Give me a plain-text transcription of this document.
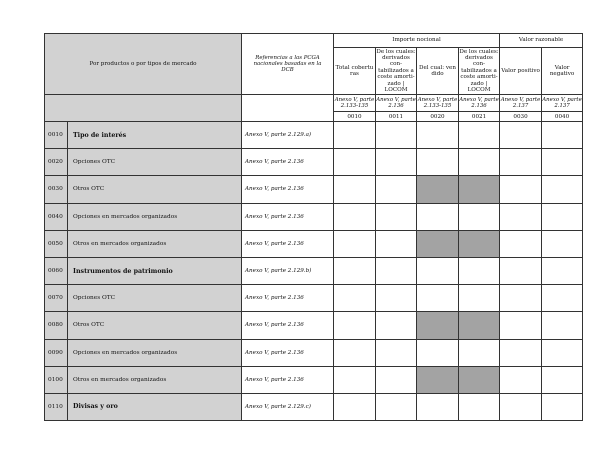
Por productos o por tipos de mercado		Referencias a las PCGA nacionales basadas en la DCB	Importe nocional				Valor razonable	
			Total cobertu ras	De los cuales: derivados con- tabilizados a coste amorti- zado | LOCOM	Del cual: ven dido	De los cuales: derivados con- tabilizados a coste amorti- zado | LOCOM	Valor positivo	Valor negativo
			Anexo V, parte 2.133-135	Anexo V, parte 2.136	Anexo V, parte 2.133-135	Anexo V, parte 2.136	Anexo V, parte 2.137	Anexo V, parte 2.137
			0010	0011	0020	0021	0030	0040
0010	Tipo de interés	Anexo V, parte 2.129.a)						
0020	Opciones OTC	Anexo V, parte 2.136						
0030	Otros OTC	Anexo V, parte 2.136						
0040	Opciones en mercados organizados	Anexo V, parte 2.136						
0050	Otros en mercados organizados	Anexo V, parte 2.136						
0060	Instrumentos de patrimonio	Anexo V, parte 2.129.b)						
0070	Opciones OTC	Anexo V, parte 2.136						
0080	Otros OTC	Anexo V, parte 2.136						
0090	Opciones en mercados organizados	Anexo V, parte 2.136						
0100	Otros en mercados organizados	Anexo V, parte 2.136						
0110	Divisas y oro	Anexo V, parte 2.129.c)						
